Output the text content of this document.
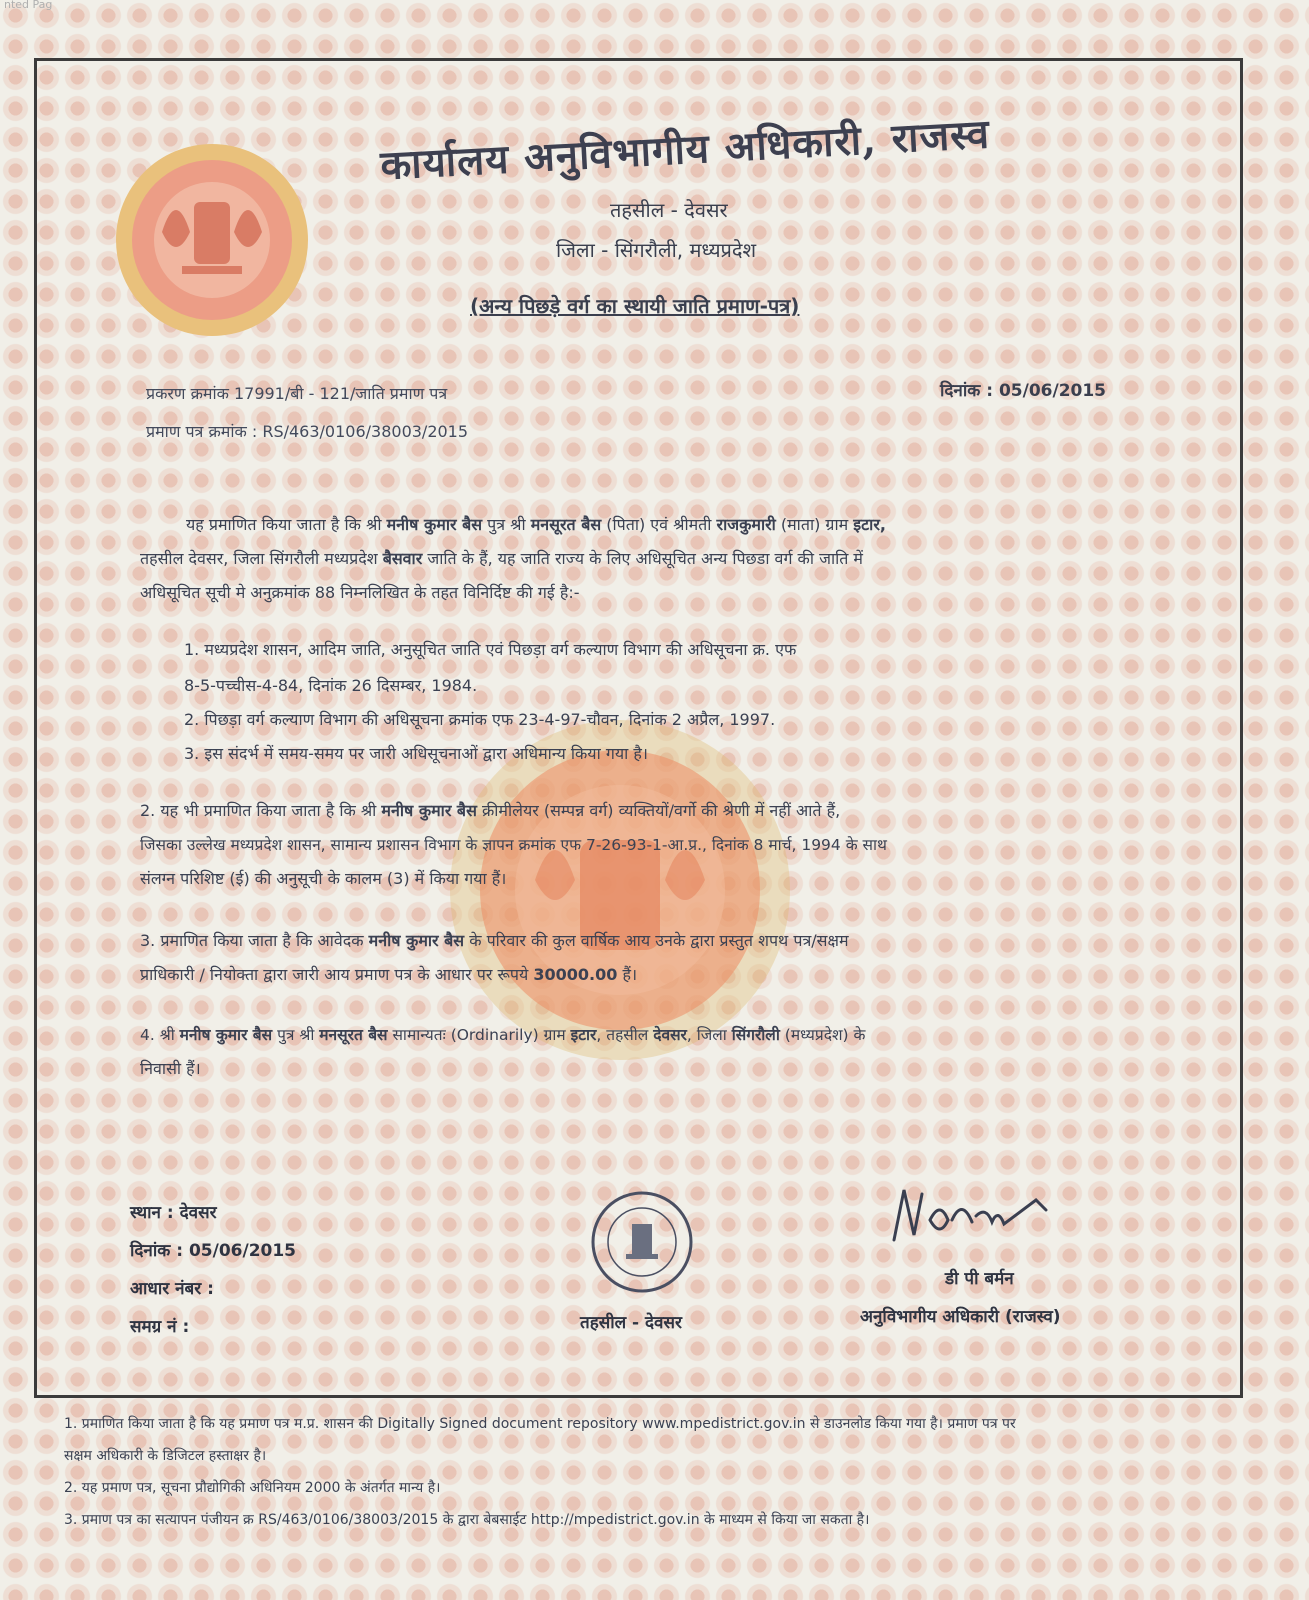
nted Pag
कार्यालय अनुविभागीय अधिकारी, राजस्व
तहसील - देवसर
जिला - सिंगरौली, मध्यप्रदेश
(अन्य पिछड़े वर्ग का स्थायी जाति प्रमाण-पत्र)
प्रकरण क्रमांक 17991/बी - 121/जाति प्रमाण पत्र
प्रमाण पत्र क्रमांक : RS/463/0106/38003/2015
दिनांक : 05/06/2015
यह प्रमाणित किया जाता है कि श्री मनीष कुमार बैस पुत्र श्री मनसूरत बैस (पिता) एवं श्रीमती राजकुमारी (माता) ग्राम इटार,
तहसील देवसर, जिला सिंगरौली मध्यप्रदेश बैसवार जाति के हैं, यह जाति राज्य के लिए अधिसूचित अन्य पिछडा वर्ग की जाति में
अधिसूचित सूची मे अनुक्रमांक 88 निम्नलिखित के तहत विनिर्दिष्ट की गई है:-
1. मध्यप्रदेश शासन, आदिम जाति, अनुसूचित जाति एवं पिछड़ा वर्ग कल्याण विभाग की अधिसूचना क्र. एफ
8-5-पच्चीस-4-84, दिनांक 26 दिसम्बर, 1984.
2. पिछड़ा वर्ग कल्याण विभाग की अधिसूचना क्रमांक एफ 23-4-97-चौवन, दिनांक 2 अप्रैल, 1997.
3. इस संदर्भ में समय-समय पर जारी अधिसूचनाओं द्वारा अधिमान्य किया गया है।
2. यह भी प्रमाणित किया जाता है कि श्री मनीष कुमार बैस क्रीमीलेयर (सम्पन्न वर्ग) व्यक्तियों/वर्गो की श्रेणी में नहीं आते हैं,
जिसका उल्लेख मध्यप्रदेश शासन, सामान्य प्रशासन विभाग के ज्ञापन क्रमांक एफ 7-26-93-1-आ.प्र., दिनांक 8 मार्च, 1994 के साथ
संलग्न परिशिष्ट (ई) की अनुसूची के कालम (3) में किया गया हैं।
3. प्रमाणित किया जाता है कि आवेदक मनीष कुमार बैस के परिवार की कुल वार्षिक आय उनके द्वारा प्रस्तुत शपथ पत्र/सक्षम
प्राधिकारी / नियोक्ता द्वारा जारी आय प्रमाण पत्र के आधार पर रूपये 30000.00 हैं।
4. श्री मनीष कुमार बैस पुत्र श्री मनसूरत बैस सामान्यतः (Ordinarily) ग्राम इटार, तहसील देवसर, जिला सिंगरौली (मध्यप्रदेश) के
निवासी हैं।
स्थान : देवसर
दिनांक : 05/06/2015
आधार नंबर :
समग्र नं :	तहसील - देवसर
डी पी बर्मन
अनुविभागीय अधिकारी (राजस्व)
1. प्रमाणित किया जाता है कि यह प्रमाण पत्र म.प्र. शासन की Digitally Signed document repository www.mpedistrict.gov.in से डाउनलोड किया गया है। प्रमाण पत्र पर
सक्षम अधिकारी के डिजिटल हस्ताक्षर है।
2. यह प्रमाण पत्र, सूचना प्रौद्योगिकी अधिनियम 2000 के अंतर्गत मान्य है।
3. प्रमाण पत्र का सत्यापन पंजीयन क्र RS/463/0106/38003/2015 के द्वारा बेबसाईट http://mpedistrict.gov.in के माध्यम से किया जा सकता है।
